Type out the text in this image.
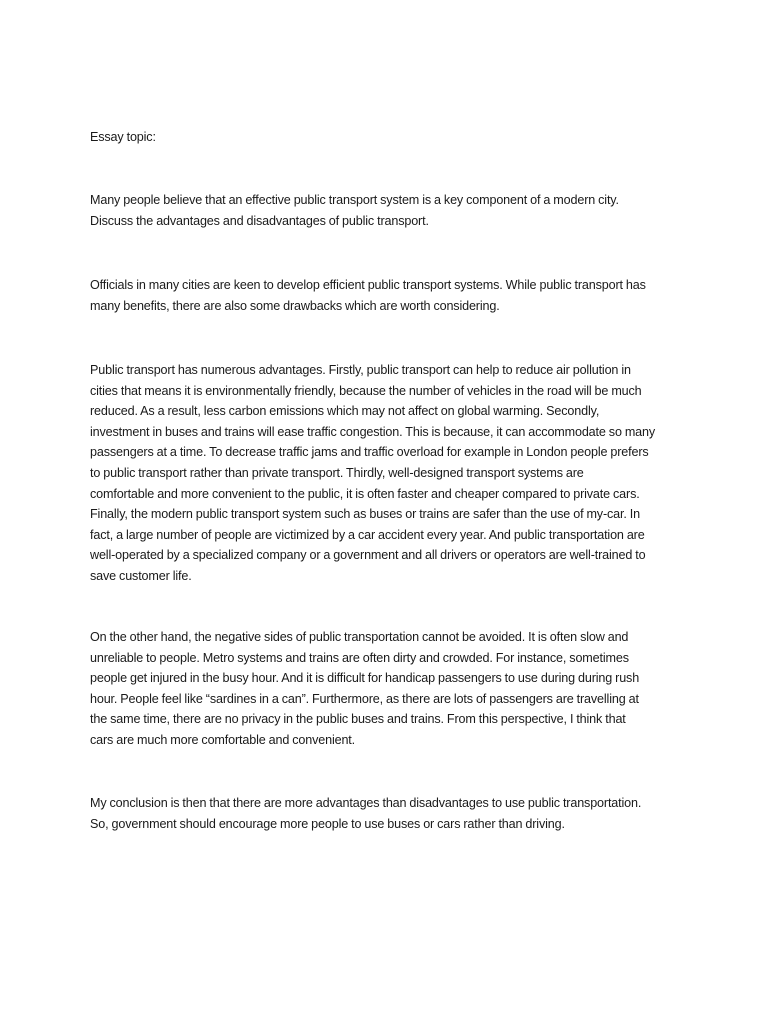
Essay topic:
Many people believe that an effective public transport system is a key component of a modern city.
Discuss the advantages and disadvantages of public transport.
Officials in many cities are keen to develop efficient public transport systems. While public transport has
many benefits, there are also some drawbacks which are worth considering.
Public transport has numerous advantages. Firstly, public transport can help to reduce air pollution in
cities that means it is environmentally friendly, because the number of vehicles in the road will be much
reduced. As a result, less carbon emissions which may not affect on global warming. Secondly,
investment in buses and trains will ease traffic congestion. This is because, it can accommodate so many
passengers at a time. To decrease traffic jams and traffic overload for example in London people prefers
to public transport rather than private transport. Thirdly, well-designed transport systems are
comfortable and more convenient to the public, it is often faster and cheaper compared to private cars.
Finally, the modern public transport system such as buses or trains are safer than the use of my-car. In
fact, a large number of people are victimized by a car accident every year. And public transportation are
well-operated by a specialized company or a government and all drivers or operators are well-trained to
save customer life.
On the other hand, the negative sides of public transportation cannot be avoided. It is often slow and
unreliable to people. Metro systems and trains are often dirty and crowded. For instance, sometimes
people get injured in the busy hour. And it is difficult for handicap passengers to use during during rush
hour. People feel like “sardines in a can”. Furthermore, as there are lots of passengers are travelling at
the same time, there are no privacy in the public buses and trains. From this perspective, I think that
cars are much more comfortable and convenient.
My conclusion is then that there are more advantages than disadvantages to use public transportation.
So, government should encourage more people to use buses or cars rather than driving.
